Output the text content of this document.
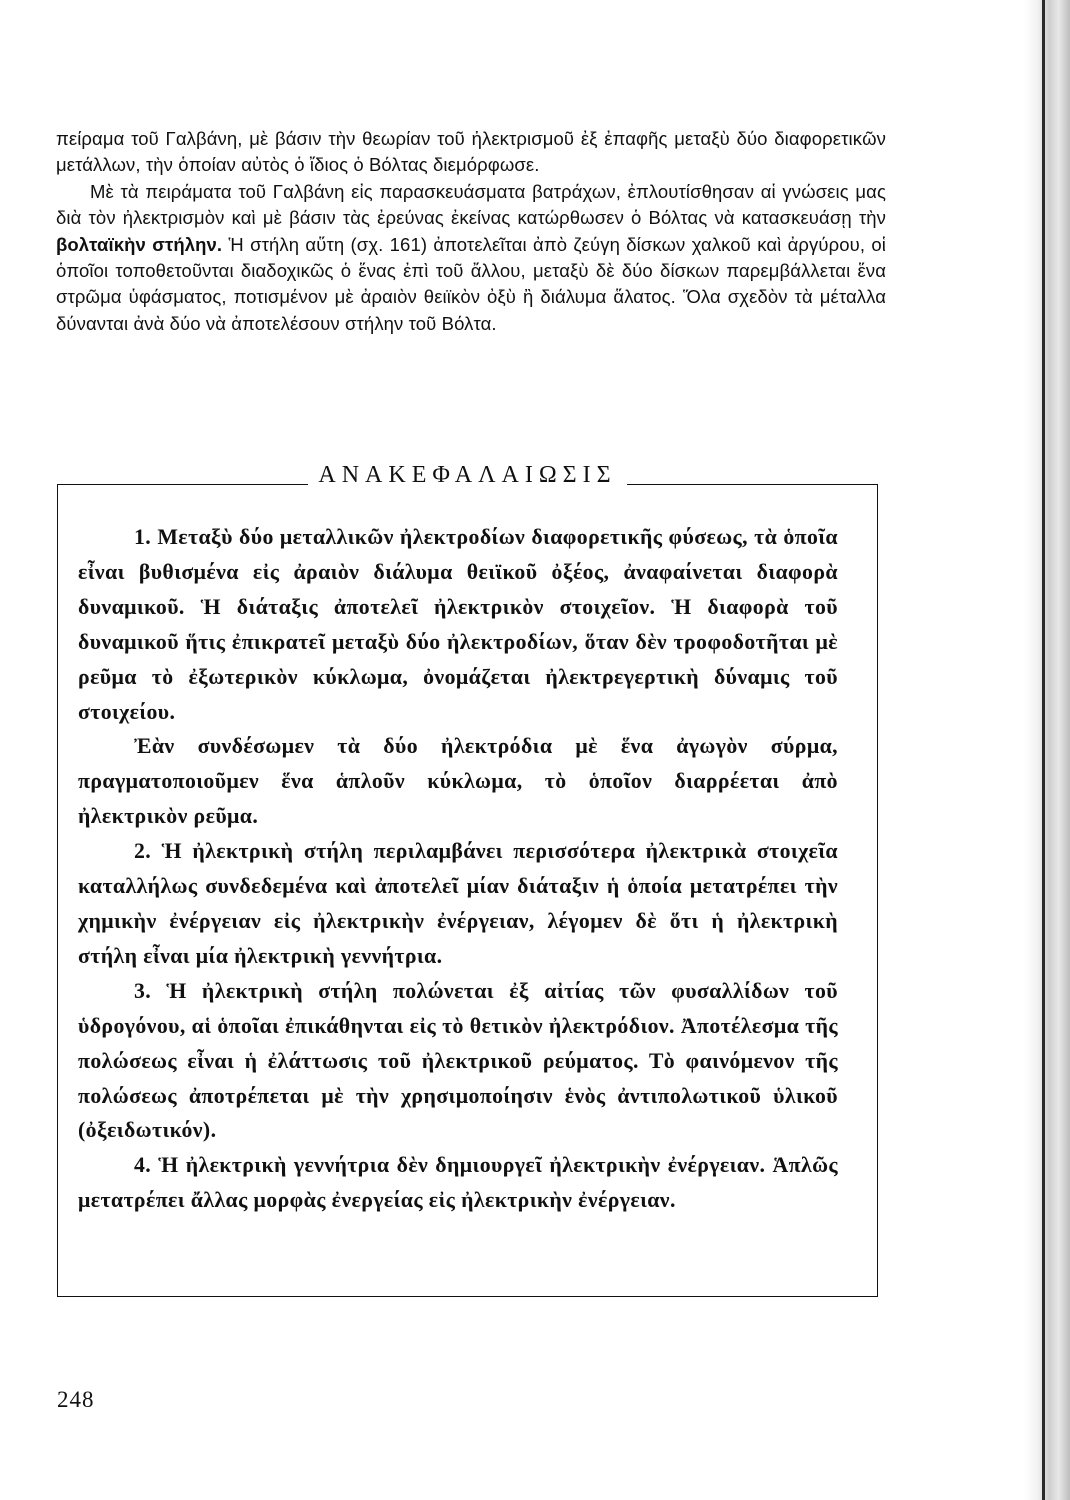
πείραμα τοῦ Γαλβάνη, μὲ βάσιν τὴν θεωρίαν τοῦ ἠλεκτρισμοῦ ἐξ ἐπαφῆς μεταξὺ δύο διαφορετικῶν μετάλλων, τὴν ὁποίαν αὐτὸς ὁ ἴδιος ὁ Βόλτας διεμόρφωσε.

Μὲ τὰ πειράματα τοῦ Γαλβάνη εἰς παρασκευάσματα βατράχων, ἐπλουτίσθησαν αἱ γνώσεις μας διὰ τὸν ἠλεκτρισμὸν καὶ μὲ βάσιν τὰς ἐρεύνας ἐκείνας κατώρθωσεν ὁ Βόλτας νὰ κατασκευάσῃ τὴν βολταϊκὴν στήλην. Ἡ στήλη αὕτη (σχ. 161) ἀποτελεῖται ἀπὸ ζεύγη δίσκων χαλκοῦ καὶ ἀργύρου, οἱ ὁποῖοι τοποθετοῦνται διαδοχικῶς ὁ ἕνας ἐπὶ τοῦ ἄλλου, μεταξὺ δὲ δύο δίσκων παρεμβάλλεται ἕνα στρῶμα ὑφάσματος, ποτισμένον μὲ ἀραιὸν θειϊκὸν ὀξὺ ἢ διάλυμα ἅλατος. Ὅλα σχεδὸν τὰ μέταλλα δύνανται ἀνὰ δύο νὰ ἀποτελέσουν στήλην τοῦ Βόλτα.

ΑΝΑΚΕΦΑΛΑΙΩΣΙΣ

1. Μεταξὺ δύο μεταλλικῶν ἠλεκτροδίων διαφορετικῆς φύσεως, τὰ ὁποῖα εἶναι βυθισμένα εἰς ἀραιὸν διάλυμα θειϊκοῦ ὀξέος, ἀναφαίνεται διαφορὰ δυναμικοῦ. Ἡ διάταξις ἀποτελεῖ ἠλεκτρικὸν στοιχεῖον. Ἡ διαφορὰ τοῦ δυναμικοῦ ἥτις ἐπικρατεῖ μεταξὺ δύο ἠλεκτροδίων, ὅταν δὲν τροφοδοτῆται μὲ ρεῦμα τὸ ἐξωτερικὸν κύκλωμα, ὀνομάζεται ἠλεκτρεγερτικὴ δύναμις τοῦ στοιχείου.

Ἐὰν συνδέσωμεν τὰ δύο ἠλεκτρόδια μὲ ἕνα ἀγωγὸν σύρμα, πραγματοποιοῦμεν ἕνα ἁπλοῦν κύκλωμα, τὸ ὁποῖον διαρρέεται ἀπὸ ἠλεκτρικὸν ρεῦμα.

2. Ἡ ἠλεκτρικὴ στήλη περιλαμβάνει περισσότερα ἠλεκτρικὰ στοιχεῖα καταλλήλως συνδεδεμένα καὶ ἀποτελεῖ μίαν διάταξιν ἡ ὁποία μετατρέπει τὴν χημικὴν ἐνέργειαν εἰς ἠλεκτρικὴν ἐνέργειαν, λέγομεν δὲ ὅτι ἡ ἠλεκτρικὴ στήλη εἶναι μία ἠλεκτρικὴ γεννήτρια.

3. Ἡ ἠλεκτρικὴ στήλη πολώνεται ἐξ αἰτίας τῶν φυσαλλίδων τοῦ ὑδρογόνου, αἱ ὁποῖαι ἐπικάθηνται εἰς τὸ θετικὸν ἠλεκτρόδιον. Ἀποτέλεσμα τῆς πολώσεως εἶναι ἡ ἐλάττωσις τοῦ ἠλεκτρικοῦ ρεύματος. Τὸ φαινόμενον τῆς πολώσεως ἀποτρέπεται μὲ τὴν χρησιμοποίησιν ἑνὸς ἀντιπολωτικοῦ ὑλικοῦ (ὀξειδωτικόν).

4. Ἡ ἠλεκτρικὴ γεννήτρια δὲν δημιουργεῖ ἠλεκτρικὴν ἐνέργειαν. Ἁπλῶς μετατρέπει ἄλλας μορφὰς ἐνεργείας εἰς ἠλεκτρικὴν ἐνέργειαν.

248
